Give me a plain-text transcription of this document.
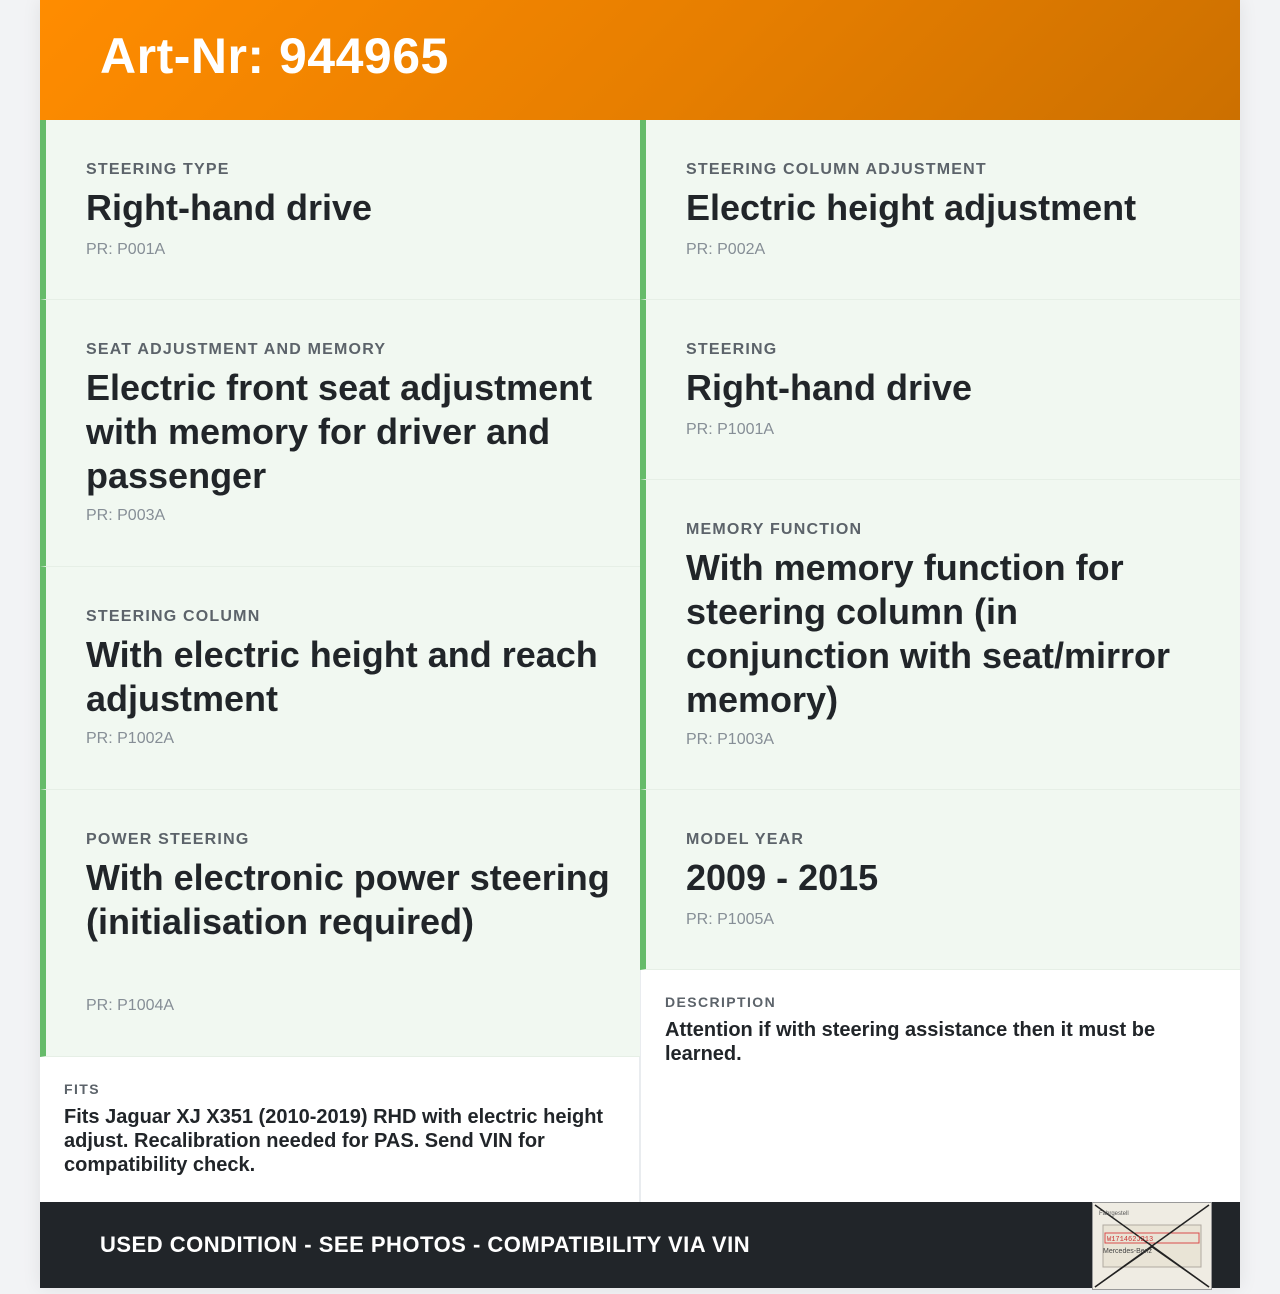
Art-Nr: 944965
STEERING TYPE
Right-hand drive
PR: P001A
SEAT ADJUSTMENT AND MEMORY
Electric front seat adjustment with memory for driver and passenger
PR: P003A
STEERING COLUMN
With electric height and reach adjustment
PR: P1002A
POWER STEERING
With electronic power steering (initialisation required)
PR: P1004A
STEERING COLUMN ADJUSTMENT
Electric height adjustment
PR: P002A
STEERING
Right-hand drive
PR: P1001A
MEMORY FUNCTION
With memory function for steering column (in conjunction with seat/mirror memory)
PR: P1003A
MODEL YEAR
2009 - 2015
PR: P1005A
FITS
Fits Jaguar XJ X351 (2010-2019) RHD with electric height adjust. Recalibration needed for PAS. Send VIN for compatibility check.
DESCRIPTION
Attention if with steering assistance then it must be learned.
USED CONDITION - SEE PHOTOS - COMPATIBILITY VIA VIN
Fahrgestell
W171462J213
Mercedes-Benz
